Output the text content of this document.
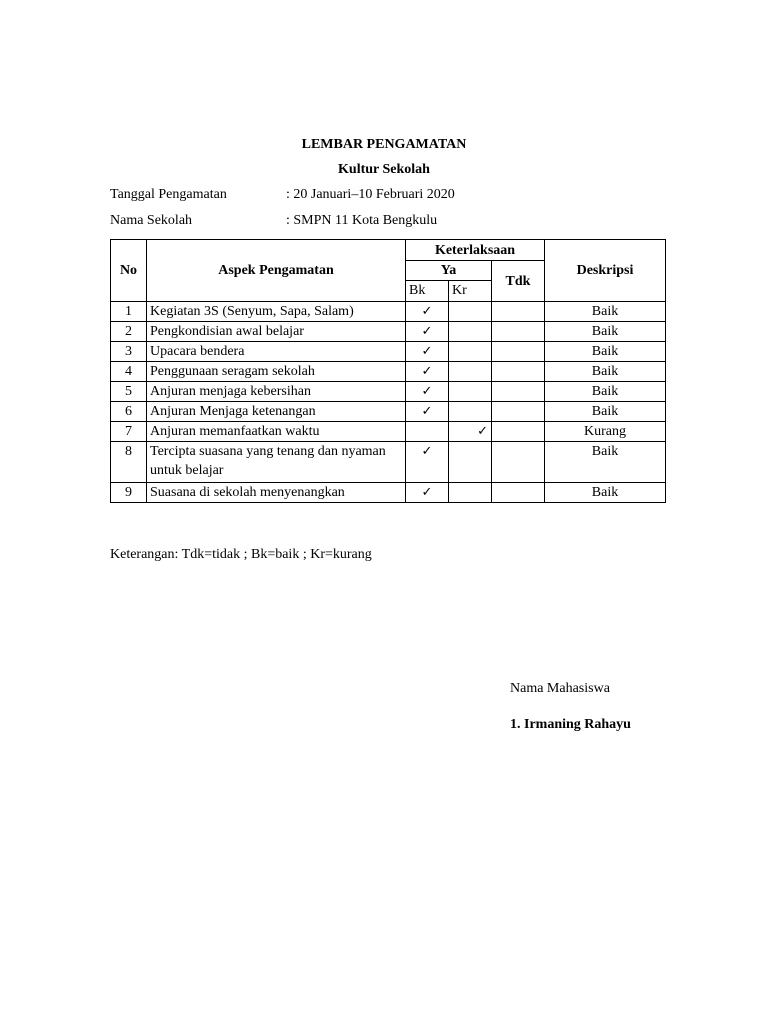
LEMBAR PENGAMATAN
Kultur Sekolah
Tanggal Pengamatan	: 20 Januari–10 Februari 2020
Nama Sekolah	: SMPN 11 Kota Bengkulu
No	Aspek Pengamatan	Keterlaksaan			Deskripsi
		Ya		Tdk	
		Bk	Kr		
1	Kegiatan 3S (Senyum, Sapa, Salam)	✓			Baik
2	Pengkondisian awal belajar	✓			Baik
3	Upacara bendera	✓			Baik
4	Penggunaan seragam sekolah	✓			Baik
5	Anjuran menjaga kebersihan	✓			Baik
6	Anjuran Menjaga ketenangan	✓			Baik
7	Anjuran memanfaatkan waktu		✓		Kurang
8	Tercipta suasana yang tenang dan nyaman untuk belajar	✓			Baik
9	Suasana di sekolah menyenangkan	✓			Baik
Keterangan: Tdk=tidak ; Bk=baik ; Kr=kurang
Nama Mahasiswa
1. Irmaning Rahayu
